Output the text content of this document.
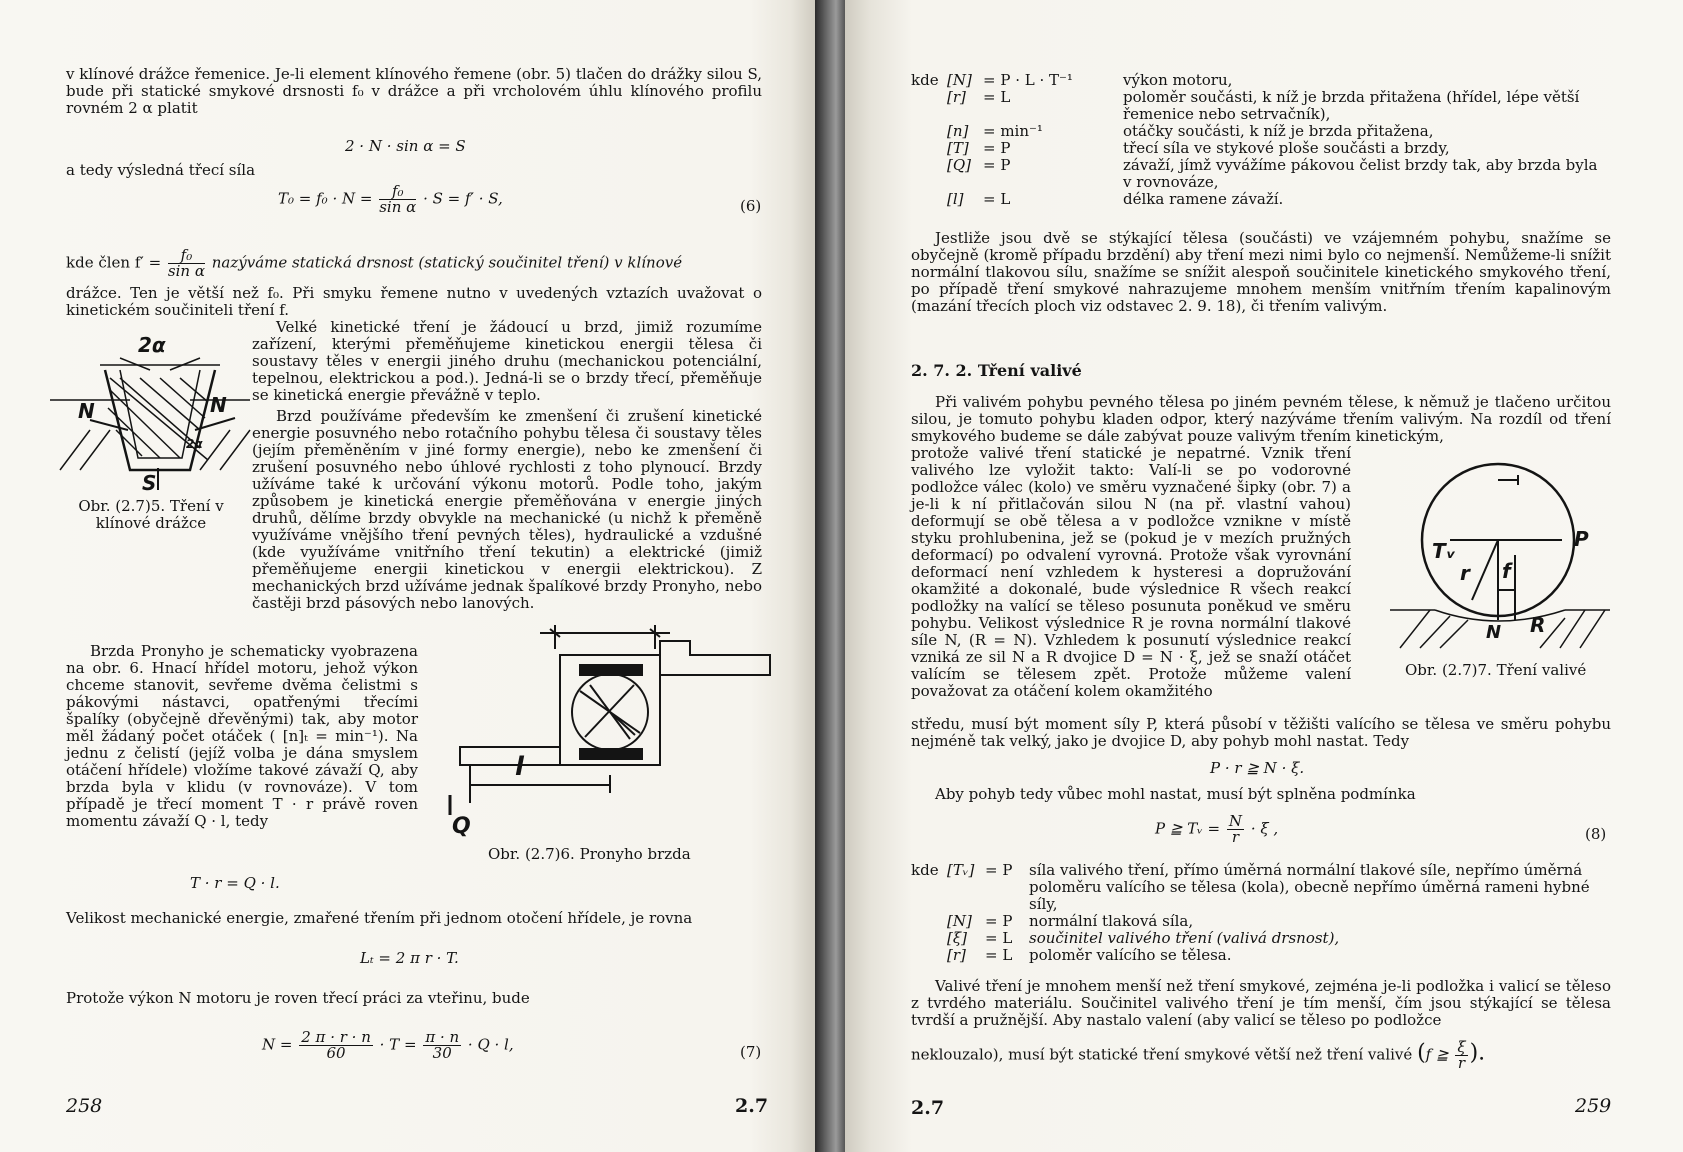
v klínové drážce řemenice. Je-li element klínového řemene (obr. 5) tlačen do drážky silou S, bude při statické smykové drsnosti f₀ v drážce a při vrcholovém úhlu klínového profilu rovném 2 α platit

2 · N · sin α = S

a tedy výsledná třecí síla

$T_0 = f_0 \cdot N = \frac{\text{f₀}}{\text{sin α}} \cdot S = f' \cdot S$,	(6)
kde člen $f' = \frac{\text{f₀}}{\text{sin α}}$ nazýváme statická drsnost (statický součinitel tření) v klínové

drážce. Ten je větší než f₀. Při smyku řemene nutno v uvedených vztazích uvažovat o kinetickém součiniteli tření f.

2α
N	N
2α
S
Obr. (2.7)5. Tření v klínové drážce

Velké kinetické tření je žádoucí u brzd, jimiž rozumíme zařízení, kterými přeměňujeme kinetickou energii tělesa či soustavy těles v energii jiného druhu (mechanickou potenciální, tepelnou, elektrickou a pod.). Jedná-li se o brzdy třecí, přeměňuje se kinetická energie převážně v teplo.

Brzd používáme především ke zmenšení či zrušení kinetické energie posuvného nebo rotačního pohybu tělesa či soustavy těles (jejím přeměněním v jiné formy energie), nebo ke zmenšení či zrušení posuvného nebo úhlové rychlosti z toho plynoucí. Brzdy užíváme také k určování výkonu motorů. Podle toho, jakým způsobem je kinetická energie přeměňována v energie jiných druhů, dělíme brzdy obvykle na mechanické (u nichž k přeměně využíváme vnějšího tření pevných těles), hydraulické a vzdušné (kde využíváme vnitřního tření tekutin) a elektrické (jimiž přeměňujeme energii kinetickou v energii elektrickou). Z mechanických brzd užíváme jednak špalíkové brzdy Pronyho, nebo častěji brzd pásových nebo lanových.

l
Q
Obr. (2.7)6. Pronyho brzda

Brzda Pronyho je schematicky vyobrazena na obr. 6. Hnací hřídel motoru, jehož výkon chceme stanovit, sevřeme dvěma čelistmi s pákovými nástavci, opatřenými třecími špalíky (obyčejně dřevěnými) tak, aby motor měl žádaný počet otáček ( [n]ₜ = min⁻¹). Na jednu z čelistí (jejíž volba je dána smyslem otáčení hřídele) vložíme takové závaží Q, aby brzda byla v klidu (v rovnováze). V tom případě je třecí moment T · r právě roven momentu závaží Q · l, tedy

T · r = Q · l.

Velikost mechanické energie, zmařené třením při jednom otočení hřídele, je rovna

Lₜ = 2 π r · T.

Protože výkon N motoru je roven třecí práci za vteřinu, bude

$N = \frac{2 \pi \cdot r \cdot n}{60} \cdot T = \frac{\pi \cdot n}{30} \cdot Q \cdot l$,	(7)
258	2.7
kde	[N]	= P · L · T⁻¹	výkon motoru,
	[r]	= L	poloměr součásti, k níž je brzda přitažena (hřídel, lépe větší řemenice nebo setrvačník),
	[n]	= min⁻¹	otáčky součásti, k níž je brzda přitažena,
	[T]	= P	třecí síla ve stykové ploše součásti a brzdy,
	[Q]	= P	závaží, jímž vyvážíme pákovou čelist brzdy tak, aby brzda byla v rovnováze,
	[l]	= L	délka ramene závaží.

Jestliže jsou dvě se stýkající tělesa (součásti) ve vzájemném pohybu, snažíme se obyčejně (kromě případu brzdění) aby tření mezi nimi bylo co nejmenší. Nemůžeme-li snížit normální tlakovou sílu, snažíme se snížit alespoň součinitele kinetického smykového tření, po případě tření smykové nahrazujeme mnohem menším vnitřním třením kapalinovým (mazání třecích ploch viz odstavec 2. 9. 18), či třením valivým.

2. 7. 2. Tření valivé

Při valivém pohybu pevného tělesa po jiném pevném tělese, k němuž je tlačeno určitou silou, je tomuto pohybu kladen odpor, který nazýváme třením valivým. Na rozdíl od tření smykového budeme se dále zabývat pouze valivým třením kinetickým,

protože valivé tření statické je nepatrné. Vznik tření valivého lze vyložit takto: Valí-li se po vodorovné podložce válec (kolo) ve směru vyznačené šipky (obr. 7) a je-li k ní přitlačován silou N (na př. vlastní vahou) deformují se obě tělesa a v podložce vznikne v místě styku prohlubenina, jež se (pokud je v mezích pružných deformací) po odvalení vyrovná. Protože však vyrovnání deformací není vzhledem k hysteresi a dopružování okamžité a dokonalé, bude výslednice R všech reakcí podložky na valící se těleso posunuta poněkud ve směru pohybu. Velikost výslednice R je rovna normální tlakové síle N, (R = N). Vzhledem k posunutí výslednice reakcí vzniká ze sil N a R dvojice D = N · ξ, jež se snaží otáčet valícím se tělesem zpět. Protože můžeme valení považovat za otáčení kolem okamžitého

Tᵥ	P
r f
N R
Obr. (2.7)7. Tření valivé

středu, musí být moment síly P, která působí v těžišti valícího se tělesa ve směru pohybu nejméně tak velký, jako je dvojice D, aby pohyb mohl nastat. Tedy

P · r ≧ N · ξ.

Aby pohyb tedy vůbec mohl nastat, musí být splněna podmínka

P ≧ Tᵥ = $\frac{N}{r} \cdot \xi$ ,	(8)
kde	[Tᵥ]	= P	síla valivého tření, přímo úměrná normální tlakové síle, nepřímo úměrná poloměru valícího se tělesa (kola), obecně nepřímo úměrná rameni hybné síly,
	[N]	= P	normální tlaková síla,
	[ξ]	= L	součinitel valivého tření (valivá drsnost),
	[r]	= L	poloměr valícího se tělesa.

Valivé tření je mnohem menší než tření smykové, zejména je-li podložka i valicí se těleso z tvrdého materiálu. Součinitel valivého tření je tím menší, čím jsou stýkající se tělesa tvrdší a pružnější. Aby nastalo valení (aby valicí se těleso po podložce

neklouzalo), musí být statické tření smykové větší než tření valivé (f ≧ $\frac{\xi}{r}$ ).
2.7	259
